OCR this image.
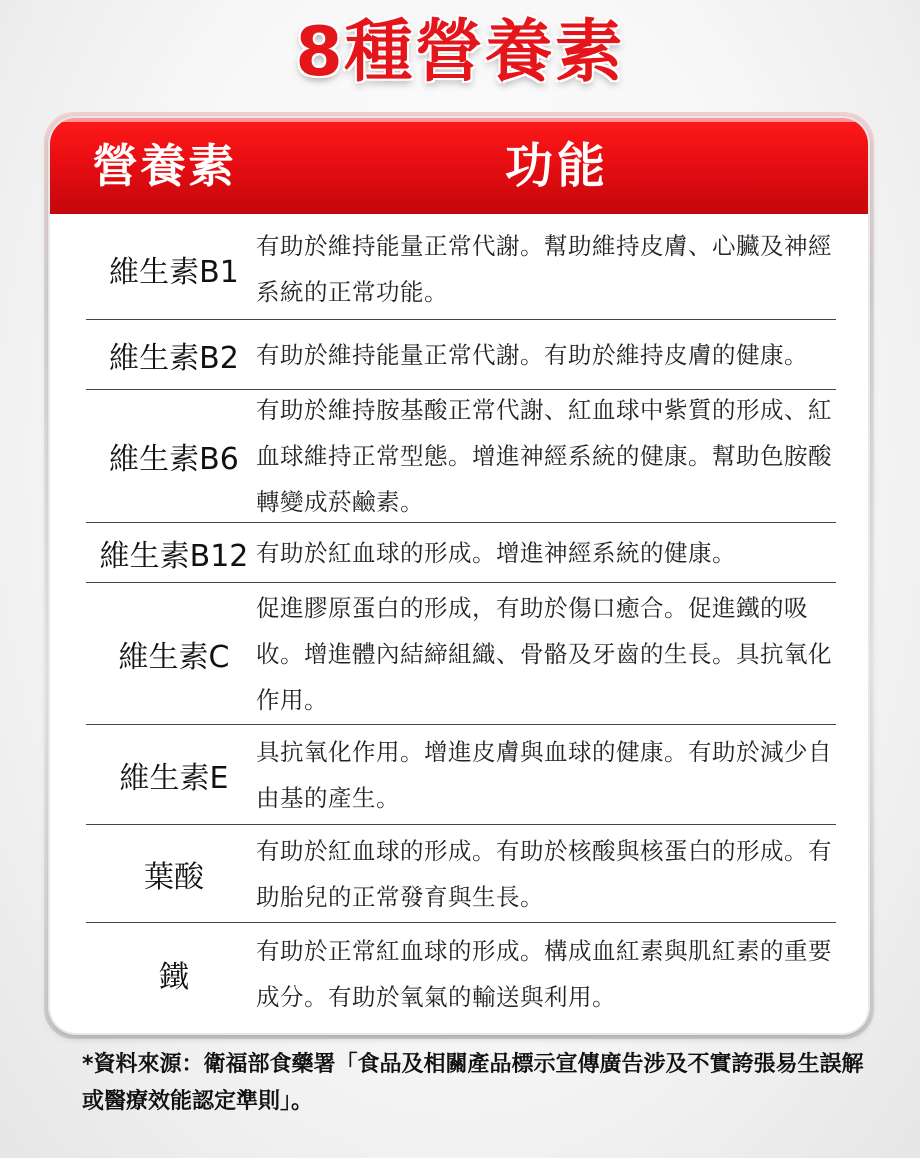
8種營養素
營養素	功能
維生素B1
有助於維持能量正常代謝。幫助維持皮膚、心臟及神經系統的正常功能。
維生素B2 有助於維持能量正常代謝。有助於維持皮膚的健康。
維生素B6
有助於維持胺基酸正常代謝、紅血球中紫質的形成、紅血球維持正常型態。增進神經系統的健康。幫助色胺酸轉變成菸鹼素。
維生素B12 有助於紅血球的形成。增進神經系統的健康。
維生素C
促進膠原蛋白的形成，有助於傷口癒合。促進鐵的吸收。增進體內結締組織、骨骼及牙齒的生長。具抗氧化作用。
維生素E
具抗氧化作用。增進皮膚與血球的健康。有助於減少自由基的產生。
葉酸
有助於紅血球的形成。有助於核酸與核蛋白的形成。有助胎兒的正常發育與生長。
鐵
有助於正常紅血球的形成。構成血紅素與肌紅素的重要成分。有助於氧氣的輸送與利用。
*資料來源：衛福部食藥署「食品及相關產品標示宣傳廣告涉及不實誇張易生誤解或醫療效能認定準則」。
